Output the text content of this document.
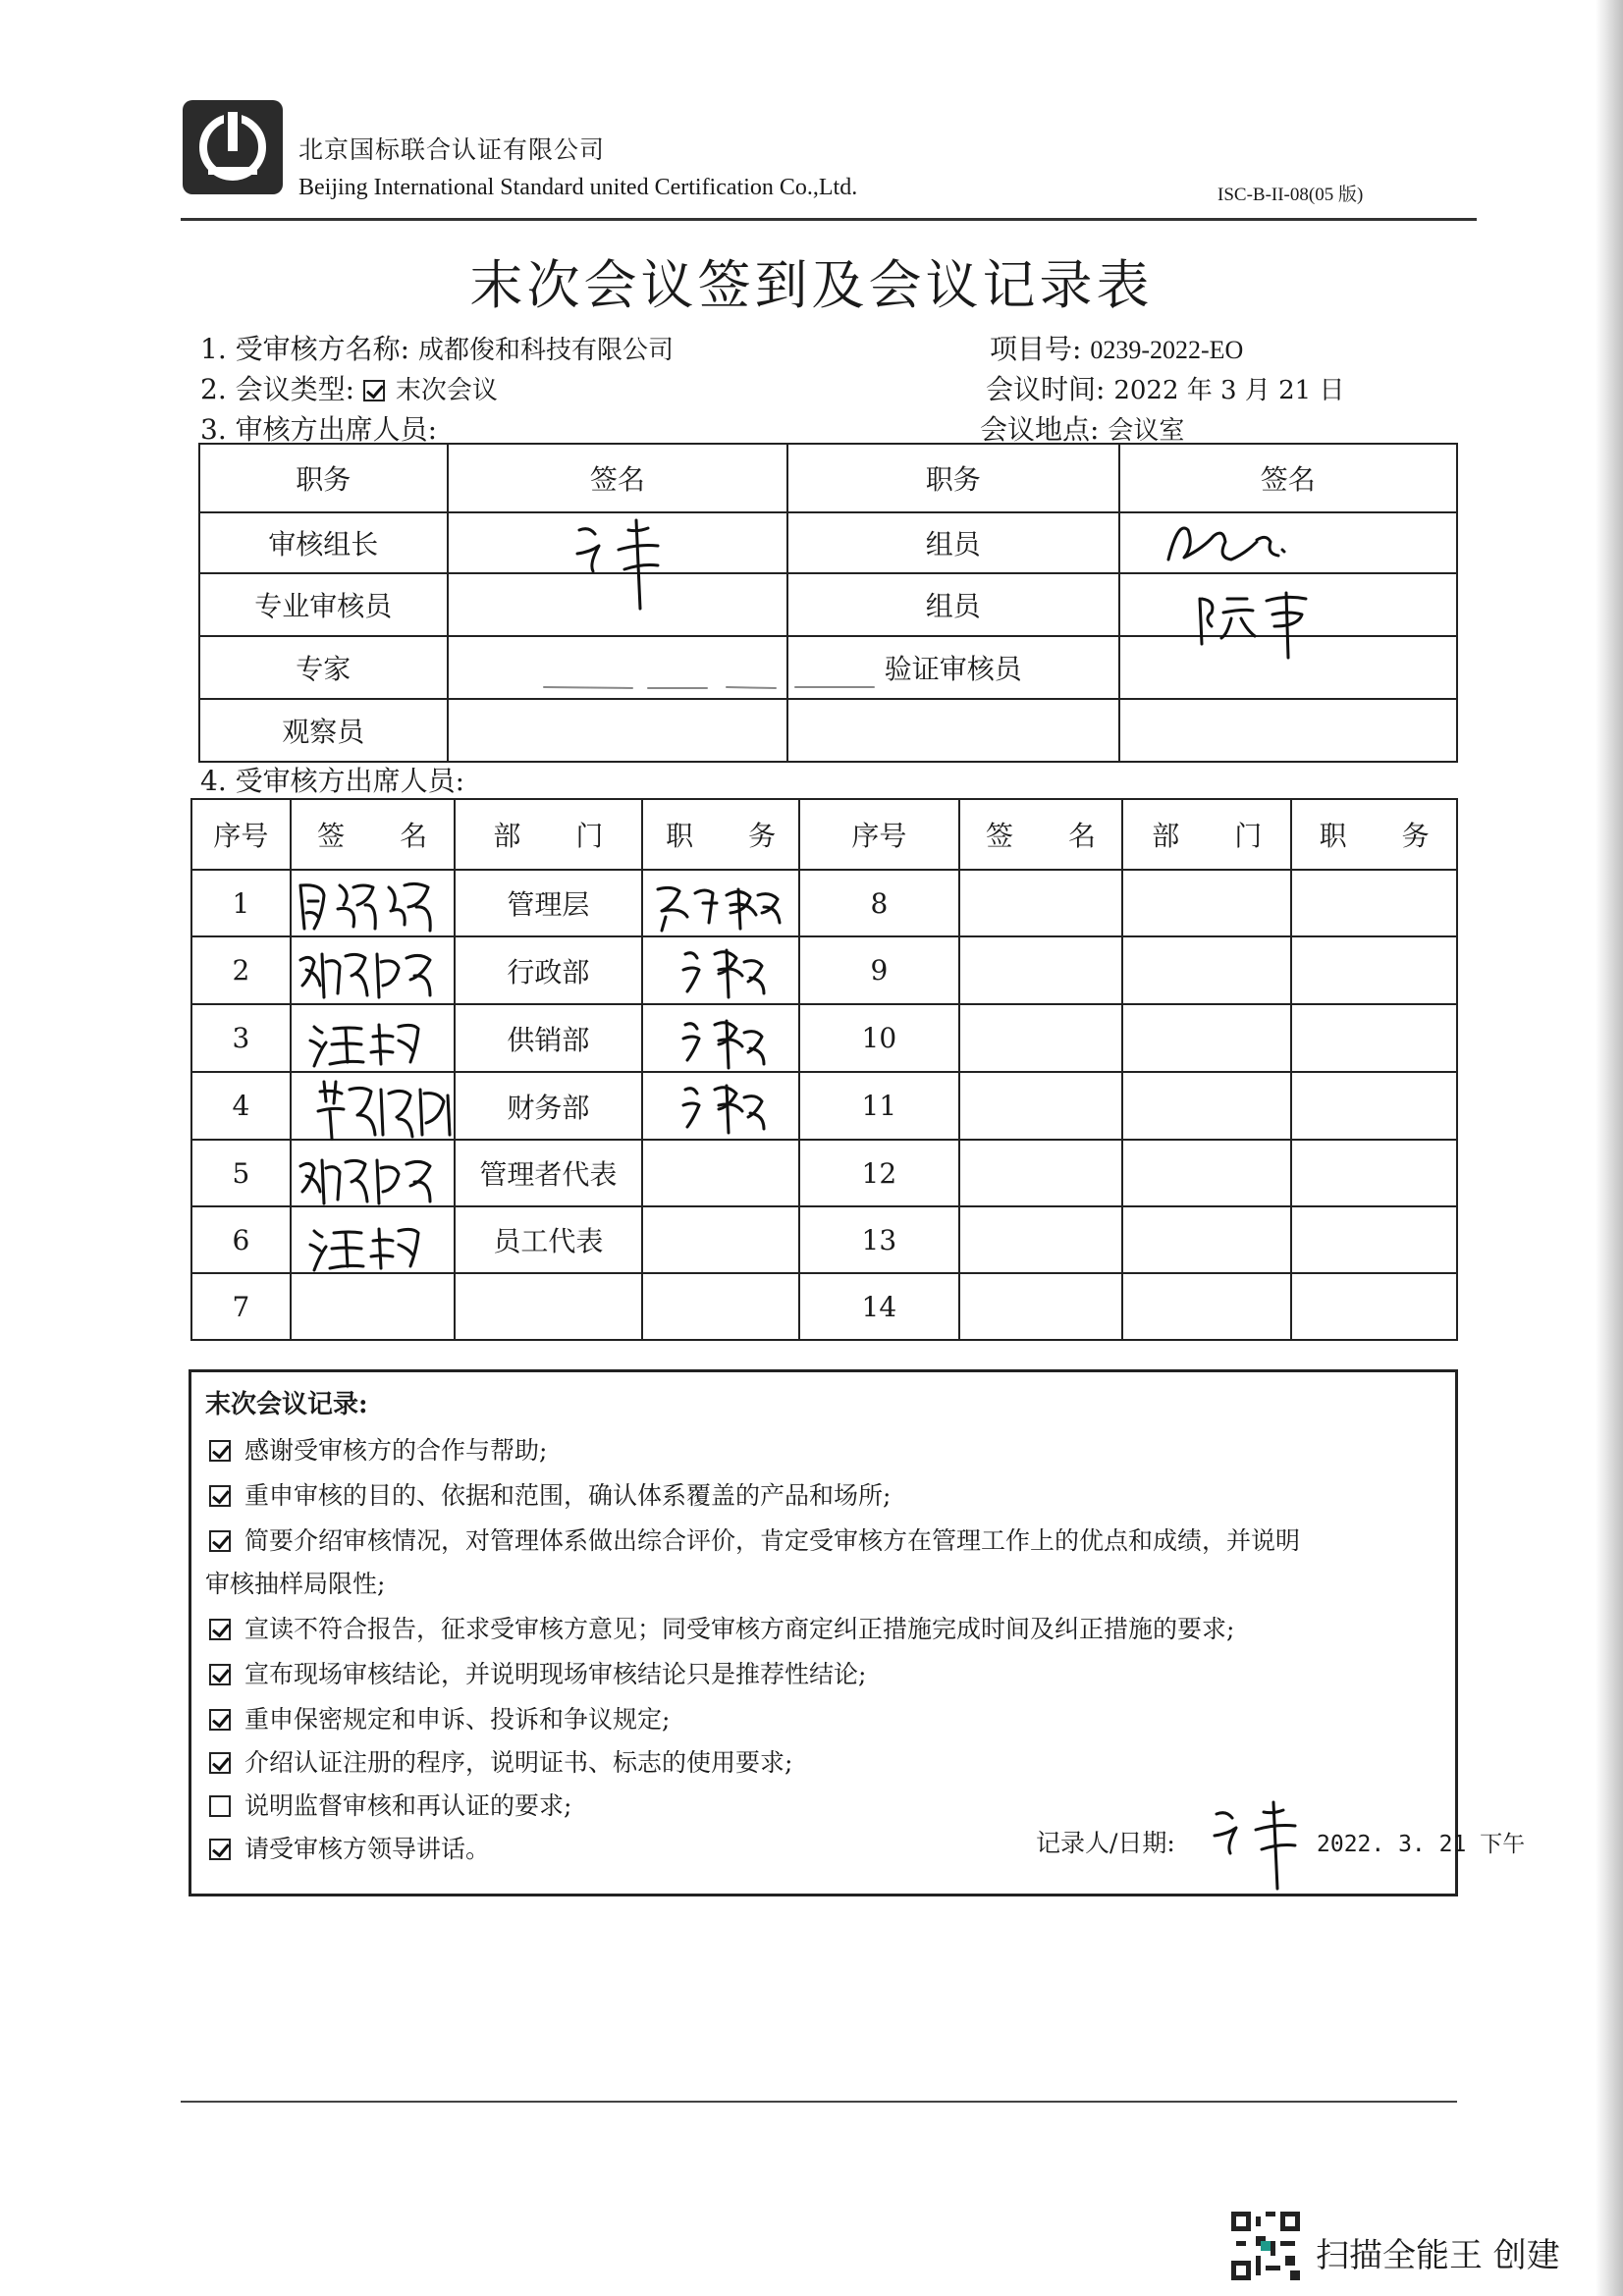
北京国标联合认证有限公司
Beijing International Standard united Certification Co.,Ltd.	ISC-B-II-08(05 版)
末次会议签到及会议记录表
1. 受审核方名称: 成都俊和科技有限公司	项目号: 0239-2022-EO
2. 会议类型: 末次会议	会议时间: 2022 年 3 月 21 日
3. 审核方出席人员:	会议地点: 会议室
职务	签名	职务	签名
审核组长		组员	
专业审核员		组员	
专家		验证审核员	
观察员			
4. 受审核方出席人员:
序号	签　　名	部　　门	职　　务	序号	签　　名	部　　门	职　　务
1		管理层		8			
2		行政部		9			
3		供销部		10			
4		财务部		11			
5		管理者代表		12			
6		员工代表		13			
7				14			
末次会议记录:
感谢受审核方的合作与帮助;
重申审核的目的、依据和范围，确认体系覆盖的产品和场所;
简要介绍审核情况，对管理体系做出综合评价，肯定受审核方在管理工作上的优点和成绩，并说明
审核抽样局限性;
宣读不符合报告，征求受审核方意见；同受审核方商定纠正措施完成时间及纠正措施的要求;
宣布现场审核结论，并说明现场审核结论只是推荐性结论;
重申保密规定和申诉、投诉和争议规定;
介绍认证注册的程序，说明证书、标志的使用要求;
说明监督审核和再认证的要求;
请受审核方领导讲话。	记录人/日期:	2022. 3. 21 下午
扫描全能王 创建
